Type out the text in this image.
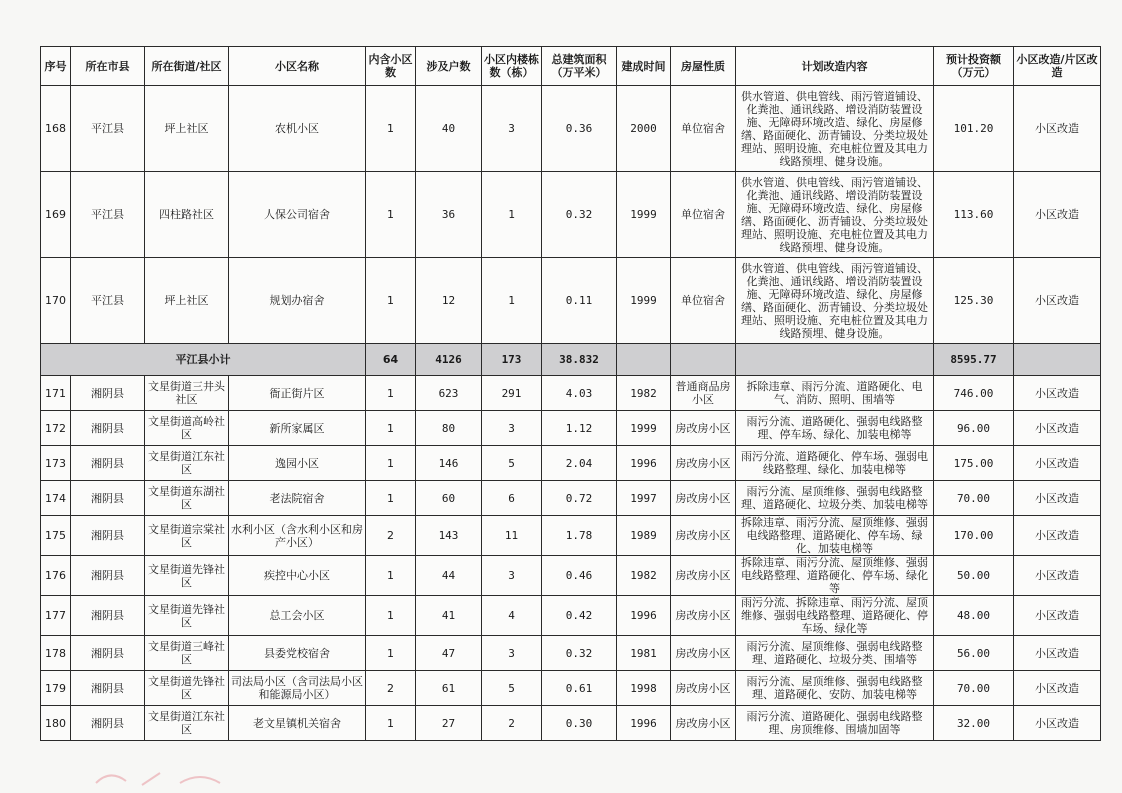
序号	所在市县	所在街道/社区	小区名称	内含小区数	涉及户数	小区内楼栋数（栋）	总建筑面积（万平米）	建成时间	房屋性质	计划改造内容	预计投资额（万元）	小区改造/片区改造
168	平江县	坪上社区	农机小区	1	40	3	0.36	2000	单位宿舍	供水管道、供电管线、雨污管道铺设、化粪池、通讯线路、增设消防装置设施、无障碍环境改造、绿化、房屋修缮、路面硬化、沥青铺设、分类垃圾处理站、照明设施、充电桩位置及其电力线路预埋、健身设施。	101.20	小区改造
169	平江县	四柱路社区	人保公司宿舍	1	36	1	0.32	1999	单位宿舍	供水管道、供电管线、雨污管道铺设、化粪池、通讯线路、增设消防装置设施、无障碍环境改造、绿化、房屋修缮、路面硬化、沥青铺设、分类垃圾处理站、照明设施、充电桩位置及其电力线路预埋、健身设施。	113.60	小区改造
170	平江县	坪上社区	规划办宿舍	1	12	1	0.11	1999	单位宿舍	供水管道、供电管线、雨污管道铺设、化粪池、通讯线路、增设消防装置设施、无障碍环境改造、绿化、房屋修缮、路面硬化、沥青铺设、分类垃圾处理站、照明设施、充电桩位置及其电力线路预埋、健身设施。	125.30	小区改造
平江县小计				64	4126	173	38.832				8595.77	
171	湘阴县	文星街道三井头社区	衙正街片区	1	623	291	4.03	1982	普通商品房小区	拆除违章、雨污分流、道路硬化、电气、消防、照明、围墙等	746.00	小区改造
172	湘阴县	文星街道高岭社区	新所家属区	1	80	3	1.12	1999	房改房小区	雨污分流、道路硬化、强弱电线路整理、停车场、绿化、加装电梯等	96.00	小区改造
173	湘阴县	文星街道江东社区	逸园小区	1	146	5	2.04	1996	房改房小区	雨污分流、道路硬化、停车场、强弱电线路整理、绿化、加装电梯等	175.00	小区改造
174	湘阴县	文星街道东湖社区	老法院宿舍	1	60	6	0.72	1997	房改房小区	雨污分流、屋顶维修、强弱电线路整理、道路硬化、垃圾分类、加装电梯等	70.00	小区改造
175	湘阴县	文星街道宗棠社区	水利小区（含水利小区和房产小区）	2	143	11	1.78	1989	房改房小区	拆除违章、雨污分流、屋顶维修、强弱电线路整理、道路硬化、停车场、绿化、加装电梯等	170.00	小区改造
176	湘阴县	文星街道先锋社区	疾控中心小区	1	44	3	0.46	1982	房改房小区	拆除违章、雨污分流、屋顶维修、强弱电线路整理、道路硬化、停车场、绿化等	50.00	小区改造
177	湘阴县	文星街道先锋社区	总工会小区	1	41	4	0.42	1996	房改房小区	雨污分流、拆除违章、雨污分流、屋顶维修、强弱电线路整理、道路硬化、停车场、绿化等	48.00	小区改造
178	湘阴县	文星街道三峰社区	县委党校宿舍	1	47	3	0.32	1981	房改房小区	雨污分流、屋顶维修、强弱电线路整理、道路硬化、垃圾分类、围墙等	56.00	小区改造
179	湘阴县	文星街道先锋社区	司法局小区（含司法局小区和能源局小区）	2	61	5	0.61	1998	房改房小区	雨污分流、屋顶维修、强弱电线路整理、道路硬化、安防、加装电梯等	70.00	小区改造
180	湘阴县	文星街道江东社区	老文星镇机关宿舍	1	27	2	0.30	1996	房改房小区	雨污分流、道路硬化、强弱电线路整理、房顶维修、围墙加固等	32.00	小区改造
